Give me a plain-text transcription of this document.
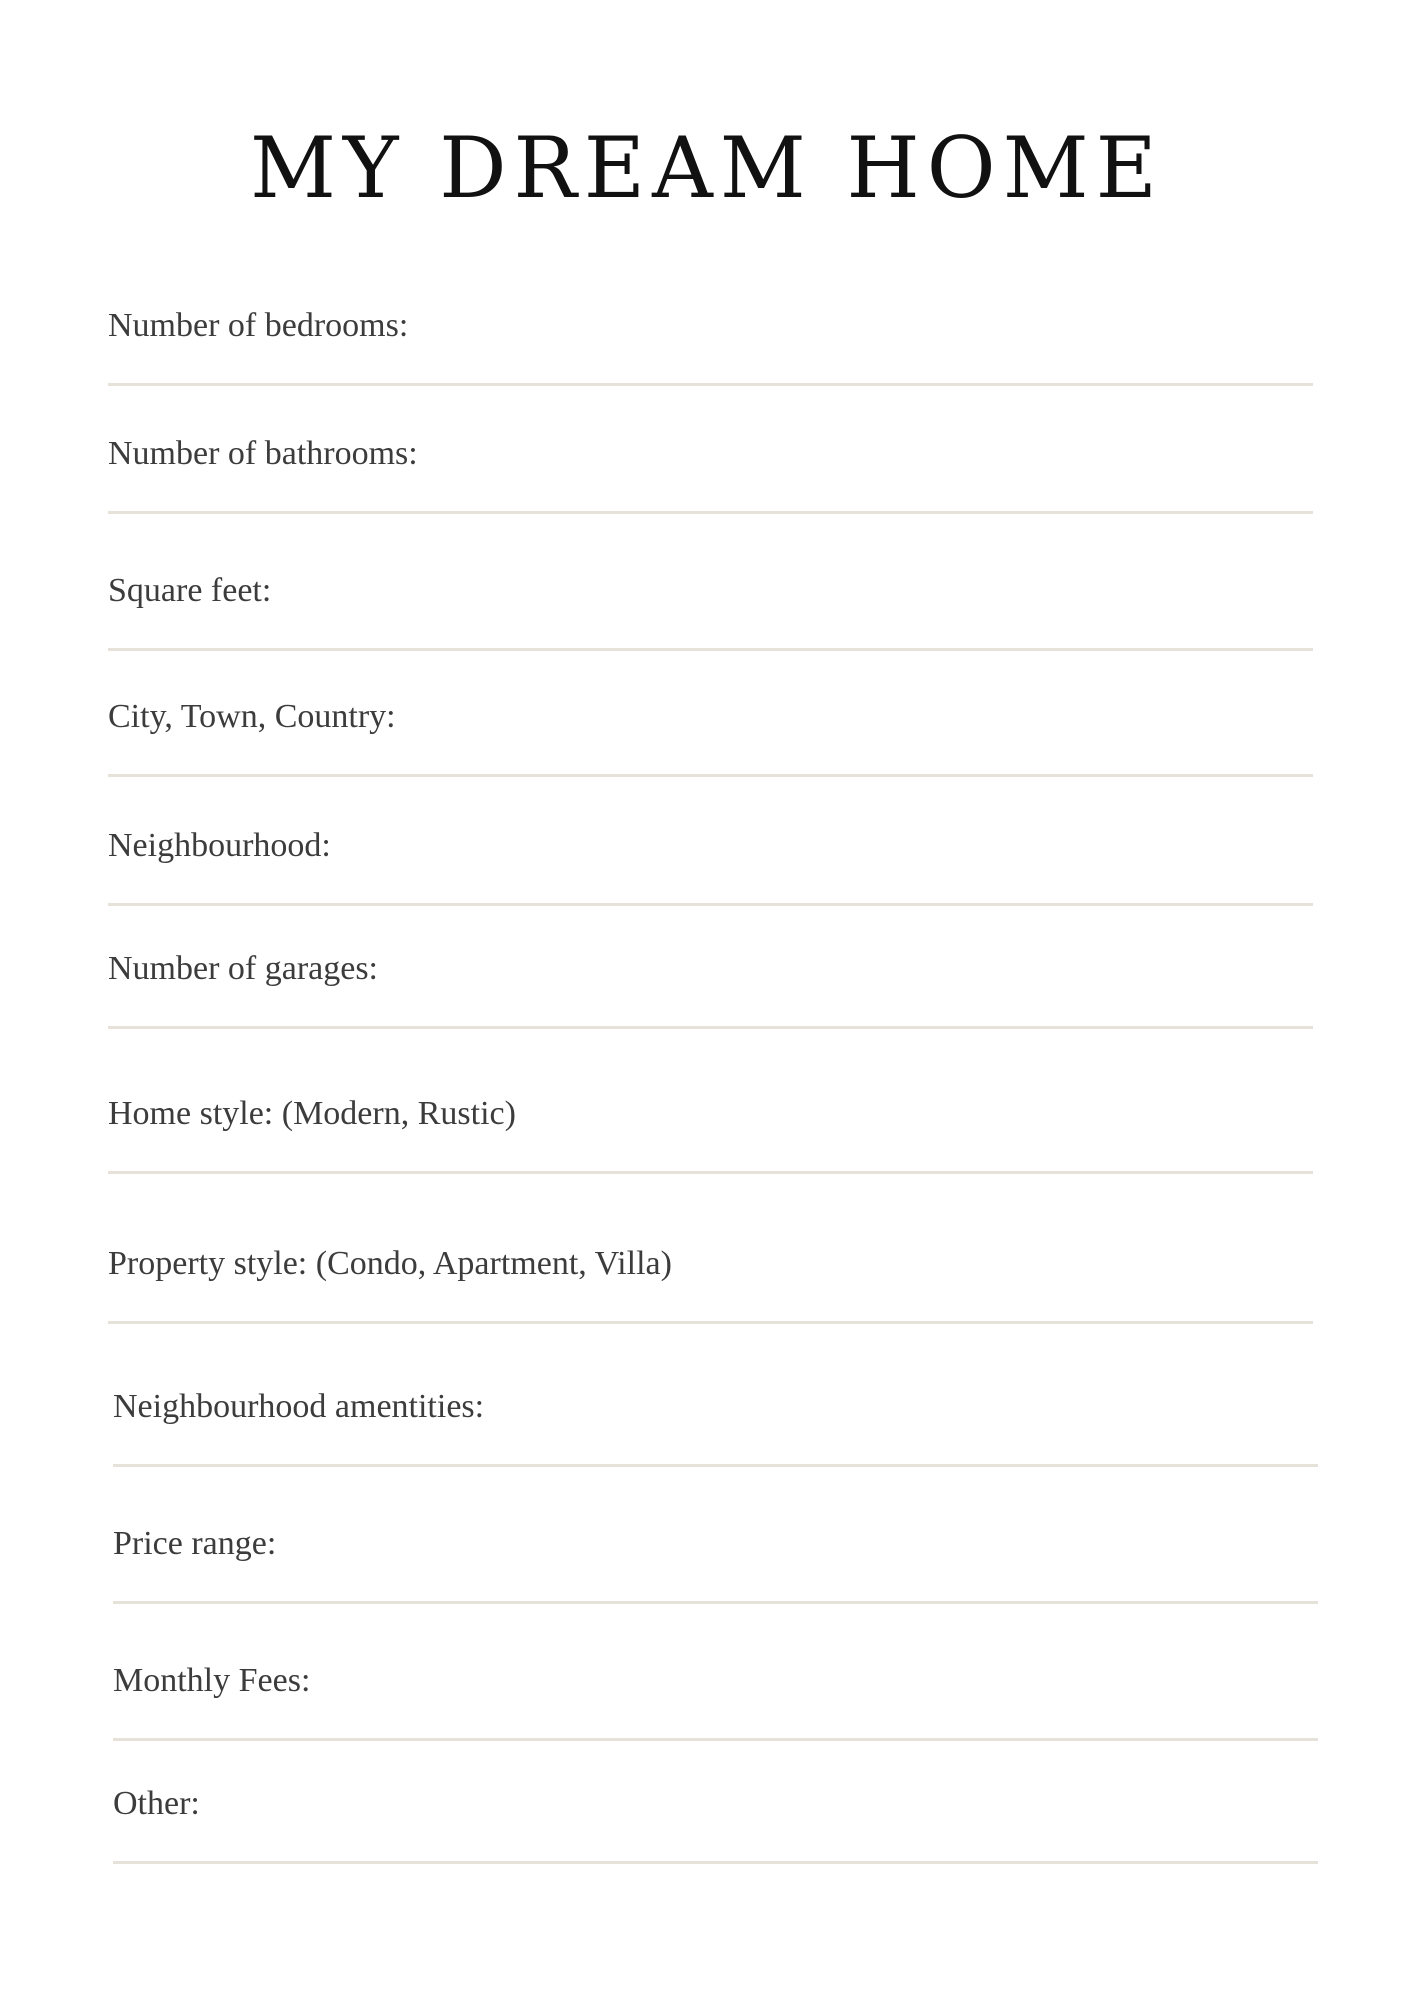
MY DREAM HOME
Number of bedrooms:
Number of bathrooms:
Square feet:
City, Town, Country:
Neighbourhood:
Number of garages:
Home style: (Modern, Rustic)
Property style: (Condo, Apartment, Villa)
Neighbourhood amentities:
Price range:
Monthly Fees:
Other:
